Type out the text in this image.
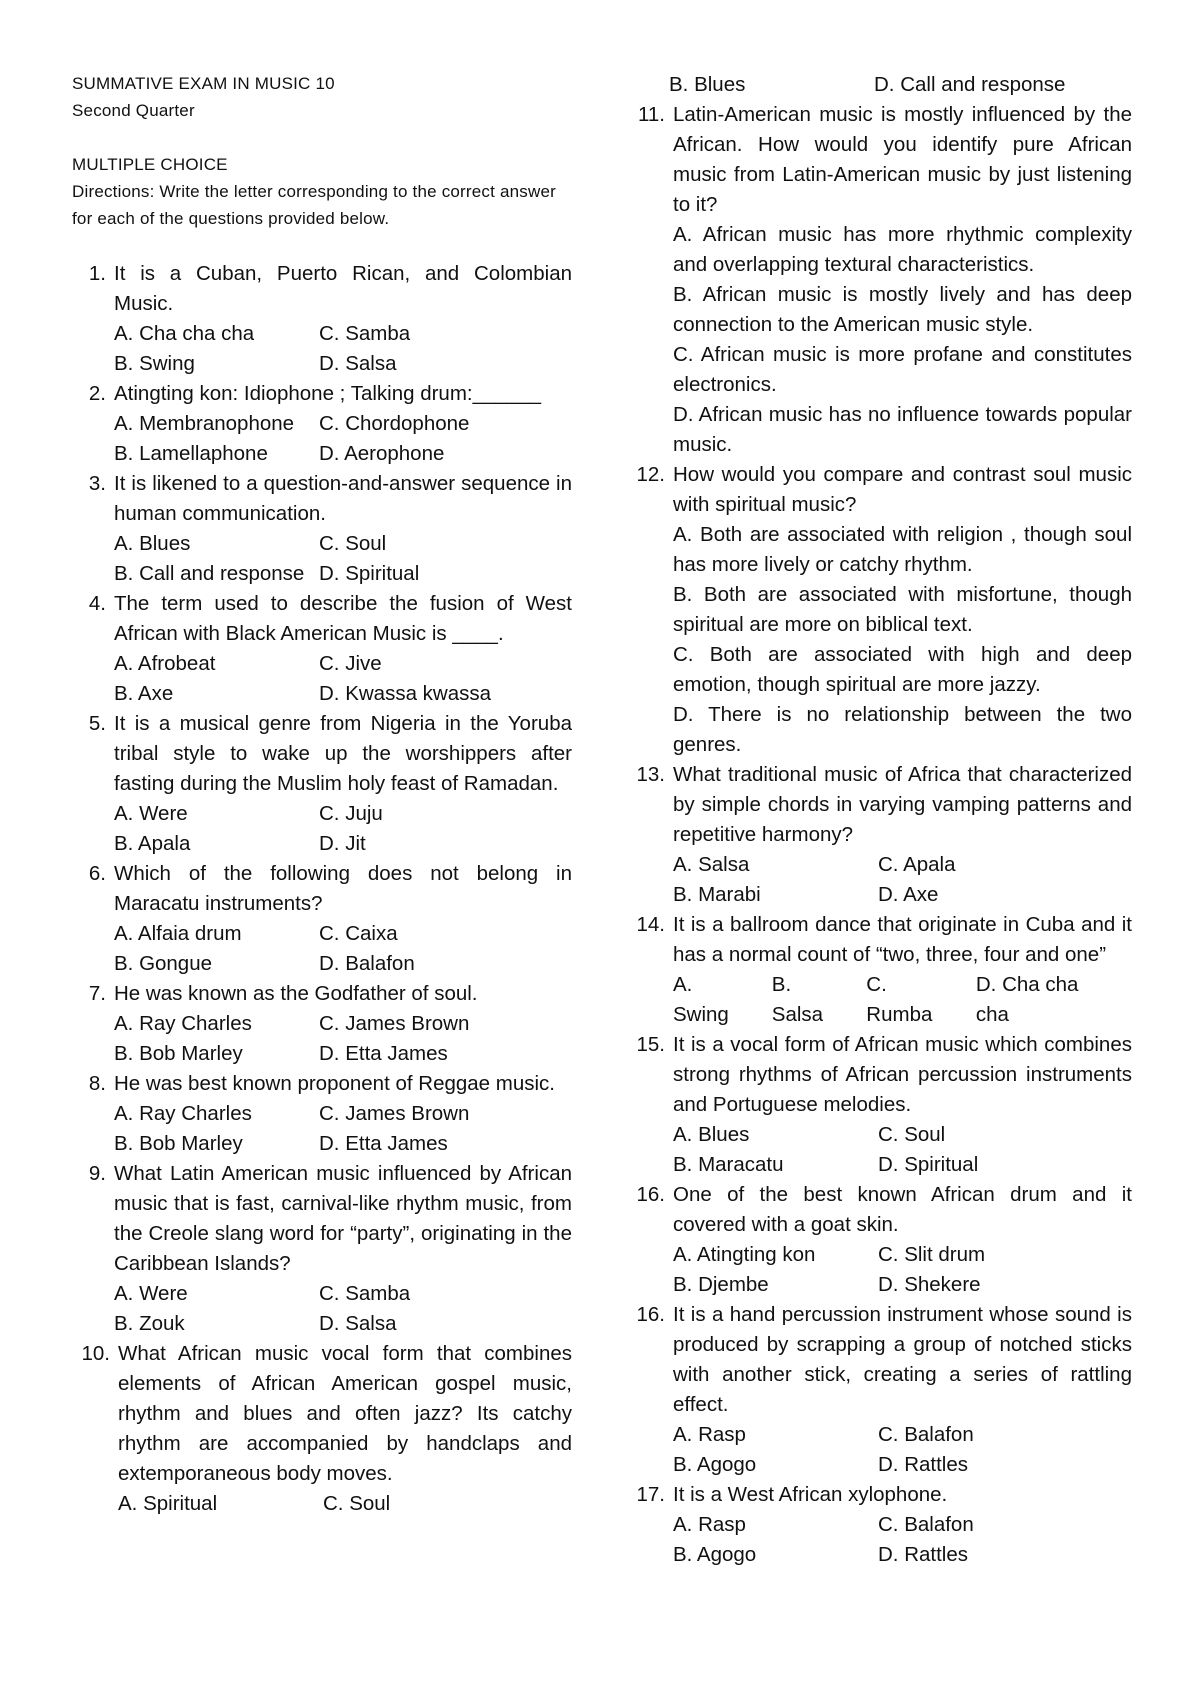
SUMMATIVE EXAM IN MUSIC 10
Second Quarter
MULTIPLE CHOICE
Directions: Write the letter corresponding to the correct answer for each of the questions provided below.
1. It is a Cuban, Puerto Rican, and Colombian Music.
A. Cha cha cha	C. Samba
B. Swing	D. Salsa
2. Atingting kon: Idiophone ; Talking drum:______
A. Membranophone	C. Chordophone
B. Lamellaphone	D. Aerophone
3. It is likened to a question-and-answer sequence in human communication.
A. Blues	C. Soul
B. Call and response D. Spiritual
4. The term used to describe the fusion of West African with Black American Music is ____.
A. Afrobeat	C. Jive
B. Axe	D. Kwassa kwassa
5. It is a musical genre from Nigeria in the Yoruba tribal style to wake up the worshippers after fasting during the Muslim holy feast of Ramadan.
A. Were	C. Juju
B. Apala	D. Jit
6. Which of the following does not belong in Maracatu instruments?
A. Alfaia drum	C. Caixa
B. Gongue	D. Balafon
7. He was known as the Godfather of soul.
A. Ray Charles	C. James Brown
B. Bob Marley	D. Etta James
8. He was best known proponent of Reggae music.
A. Ray Charles	C. James Brown
B. Bob Marley	D. Etta James
9. What Latin American music influenced by African music that is fast, carnival-like rhythm music, from the Creole slang word for “party”, originating in the Caribbean Islands?
A. Were	C. Samba
B. Zouk	D. Salsa
10. What African music vocal form that combines elements of African American gospel music, rhythm and blues and often jazz? Its catchy rhythm are accompanied by handclaps and extemporaneous body moves.
A. Spiritual	C. Soul
B. Blues	D. Call and response
11. Latin-American music is mostly influenced by the African. How would you identify pure African music from Latin-American music by just listening to it?
A. African music has more rhythmic complexity and overlapping textural characteristics.
B. African music is mostly lively and has deep connection to the American music style.
C. African music is more profane and constitutes electronics.
D. African music has no influence towards popular music.
12. How would you compare and contrast soul music with spiritual music?
A. Both are associated with religion , though soul has more lively or catchy rhythm.
B. Both are associated with misfortune, though spiritual are more on biblical text.
C. Both are associated with high and deep emotion, though spiritual are more jazzy.
D. There is no relationship between the two genres.
13. What traditional music of Africa that characterized by simple chords in varying vamping patterns and repetitive harmony?
A. Salsa	C. Apala
B. Marabi	D. Axe
14. It is a ballroom dance that originate in Cuba and it has a normal count of “two, three, four and one”
A. Swing
B. Salsa
C. Rumba
D. Cha cha cha
15. It is a vocal form of African music which combines strong rhythms of African percussion instruments and Portuguese melodies.
A. Blues	C. Soul
B. Maracatu	D. Spiritual
16. One of the best known African drum and it covered with a goat skin.
A. Atingting kon	C. Slit drum
B. Djembe	D. Shekere
16. It is a hand percussion instrument whose sound is produced by scrapping a group of notched sticks with another stick, creating a series of rattling effect.
A. Rasp	C. Balafon
B. Agogo	D. Rattles
17. It is a West African xylophone.
A. Rasp	C. Balafon
B. Agogo	D. Rattles
